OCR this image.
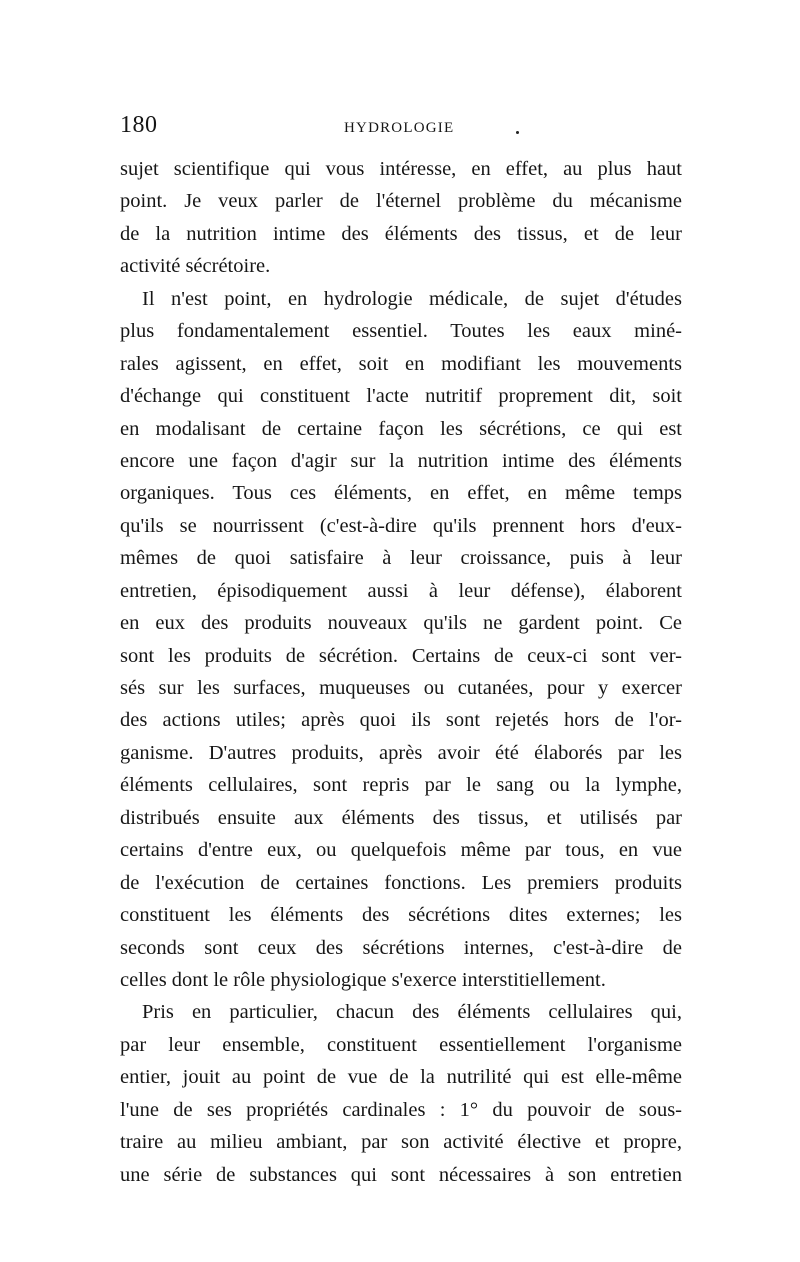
180	HYDROLOGIE
sujet scientifique qui vous intéresse, en effet, au plus haut
point. Je veux parler de l'éternel problème du mécanisme
de la nutrition intime des éléments des tissus, et de leur
activité sécrétoire.
Il n'est point, en hydrologie médicale, de sujet d'études
plus fondamentalement essentiel. Toutes les eaux miné-
rales agissent, en effet, soit en modifiant les mouvements
d'échange qui constituent l'acte nutritif proprement dit, soit
en modalisant de certaine façon les sécrétions, ce qui est
encore une façon d'agir sur la nutrition intime des éléments
organiques. Tous ces éléments, en effet, en même temps
qu'ils se nourrissent (c'est-à-dire qu'ils prennent hors d'eux-
mêmes de quoi satisfaire à leur croissance, puis à leur
entretien, épisodiquement aussi à leur défense), élaborent
en eux des produits nouveaux qu'ils ne gardent point. Ce
sont les produits de sécrétion. Certains de ceux-ci sont ver-
sés sur les surfaces, muqueuses ou cutanées, pour y exercer
des actions utiles; après quoi ils sont rejetés hors de l'or-
ganisme. D'autres produits, après avoir été élaborés par les
éléments cellulaires, sont repris par le sang ou la lymphe,
distribués ensuite aux éléments des tissus, et utilisés par
certains d'entre eux, ou quelquefois même par tous, en vue
de l'exécution de certaines fonctions. Les premiers produits
constituent les éléments des sécrétions dites externes; les
seconds sont ceux des sécrétions internes, c'est-à-dire de
celles dont le rôle physiologique s'exerce interstitiellement.
Pris en particulier, chacun des éléments cellulaires qui,
par leur ensemble, constituent essentiellement l'organisme
entier, jouit au point de vue de la nutrilité qui est elle-même
l'une de ses propriétés cardinales : 1° du pouvoir de sous-
traire au milieu ambiant, par son activité élective et propre,
une série de substances qui sont nécessaires à son entretien
